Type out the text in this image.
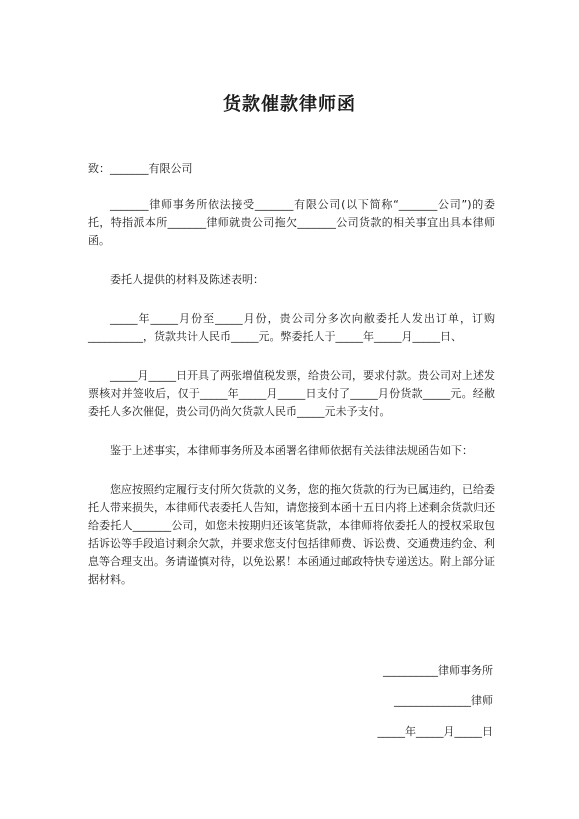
货款催款律师函

致：_______有限公司

_______律师事务所依法接受_______有限公司(以下简称“_______公司”)的委托，特指派本所_______律师就贵公司拖欠_______公司货款的相关事宜出具本律师函。

委托人提供的材料及陈述表明：

_____年_____月份至_____月份，贵公司分多次向敝委托人发出订单，订购__________，货款共计人民币_____元。弊委托人于_____年_____月_____日、

_____月_____日开具了两张增值税发票，给贵公司，要求付款。贵公司对上述发票核对并签收后，仅于_____年_____月_____日支付了_____月份货款_____元。经敝委托人多次催促，贵公司仍尚欠货款人民币_____元未予支付。

鉴于上述事实，本律师事务所及本函署名律师依据有关法律法规函告如下：

您应按照约定履行支付所欠货款的义务，您的拖欠货款的行为已属违约，已给委托人带来损失，本律师代表委托人告知，请您接到本函十五日内将上述剩余货款归还给委托人_______公司，如您未按期归还该笔货款，本律师将依委托人的授权采取包括诉讼等手段追讨剩余欠款，并要求您支付包括律师费、诉讼费、交通费违约金、利息等合理支出。务请谨慎对待，以免讼累！本函通过邮政特快专递送达。附上部分证据材料。

__________律师事务所
______________律师
_____年_____月_____日
